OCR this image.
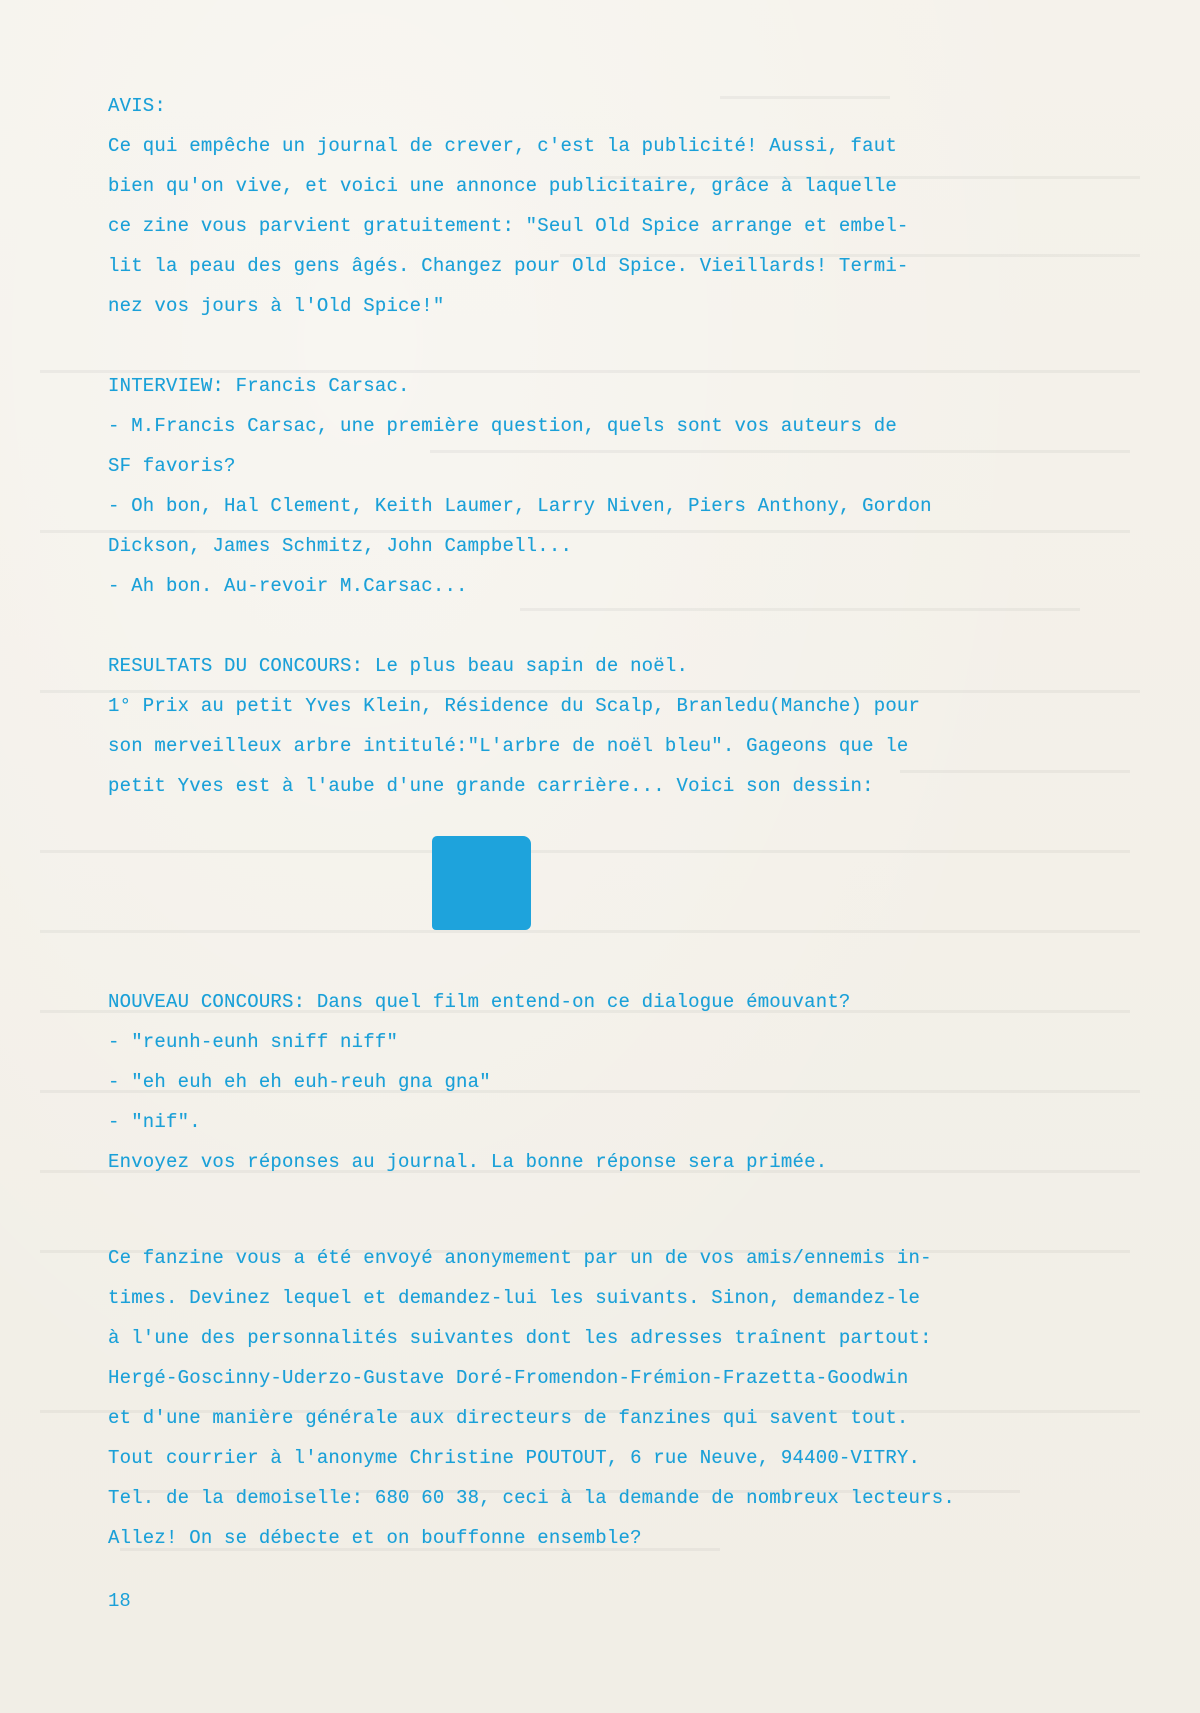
AVIS:

Ce qui empêche un journal de crever, c'est la publicité! Aussi, faut

bien qu'on vive, et voici une annonce publicitaire, grâce à laquelle

ce zine vous parvient gratuitement: "Seul Old Spice arrange et embel-

lit la peau des gens âgés. Changez pour Old Spice. Vieillards! Termi-

nez vos jours à l'Old Spice!"

INTERVIEW: Francis Carsac.

- M.Francis Carsac, une première question, quels sont vos auteurs de

SF favoris?

- Oh bon, Hal Clement, Keith Laumer, Larry Niven, Piers Anthony, Gordon

Dickson, James Schmitz, John Campbell...

- Ah bon. Au-revoir M.Carsac...

RESULTATS DU CONCOURS: Le plus beau sapin de noël.

1° Prix au petit Yves Klein, Résidence du Scalp, Branledu(Manche) pour

son merveilleux arbre intitulé:"L'arbre de noël bleu". Gageons que le

petit Yves est à l'aube d'une grande carrière... Voici son dessin:

NOUVEAU CONCOURS: Dans quel film entend-on ce dialogue émouvant?

- "reunh-eunh sniff niff"

- "eh euh eh eh euh-reuh gna gna"

- "nif".

Envoyez vos réponses au journal. La bonne réponse sera primée.

Ce fanzine vous a été envoyé anonymement par un de vos amis/ennemis in-

times. Devinez lequel et demandez-lui les suivants. Sinon, demandez-le

à l'une des personnalités suivantes dont les adresses traînent partout:

Hergé-Goscinny-Uderzo-Gustave Doré-Fromendon-Frémion-Frazetta-Goodwin

et d'une manière générale aux directeurs de fanzines qui savent tout.

Tout courrier à l'anonyme Christine POUTOUT, 6 rue Neuve, 94400-VITRY.

Tel. de la demoiselle: 680 60 38, ceci à la demande de nombreux lecteurs.

Allez! On se débecte et on bouffonne ensemble?

18
